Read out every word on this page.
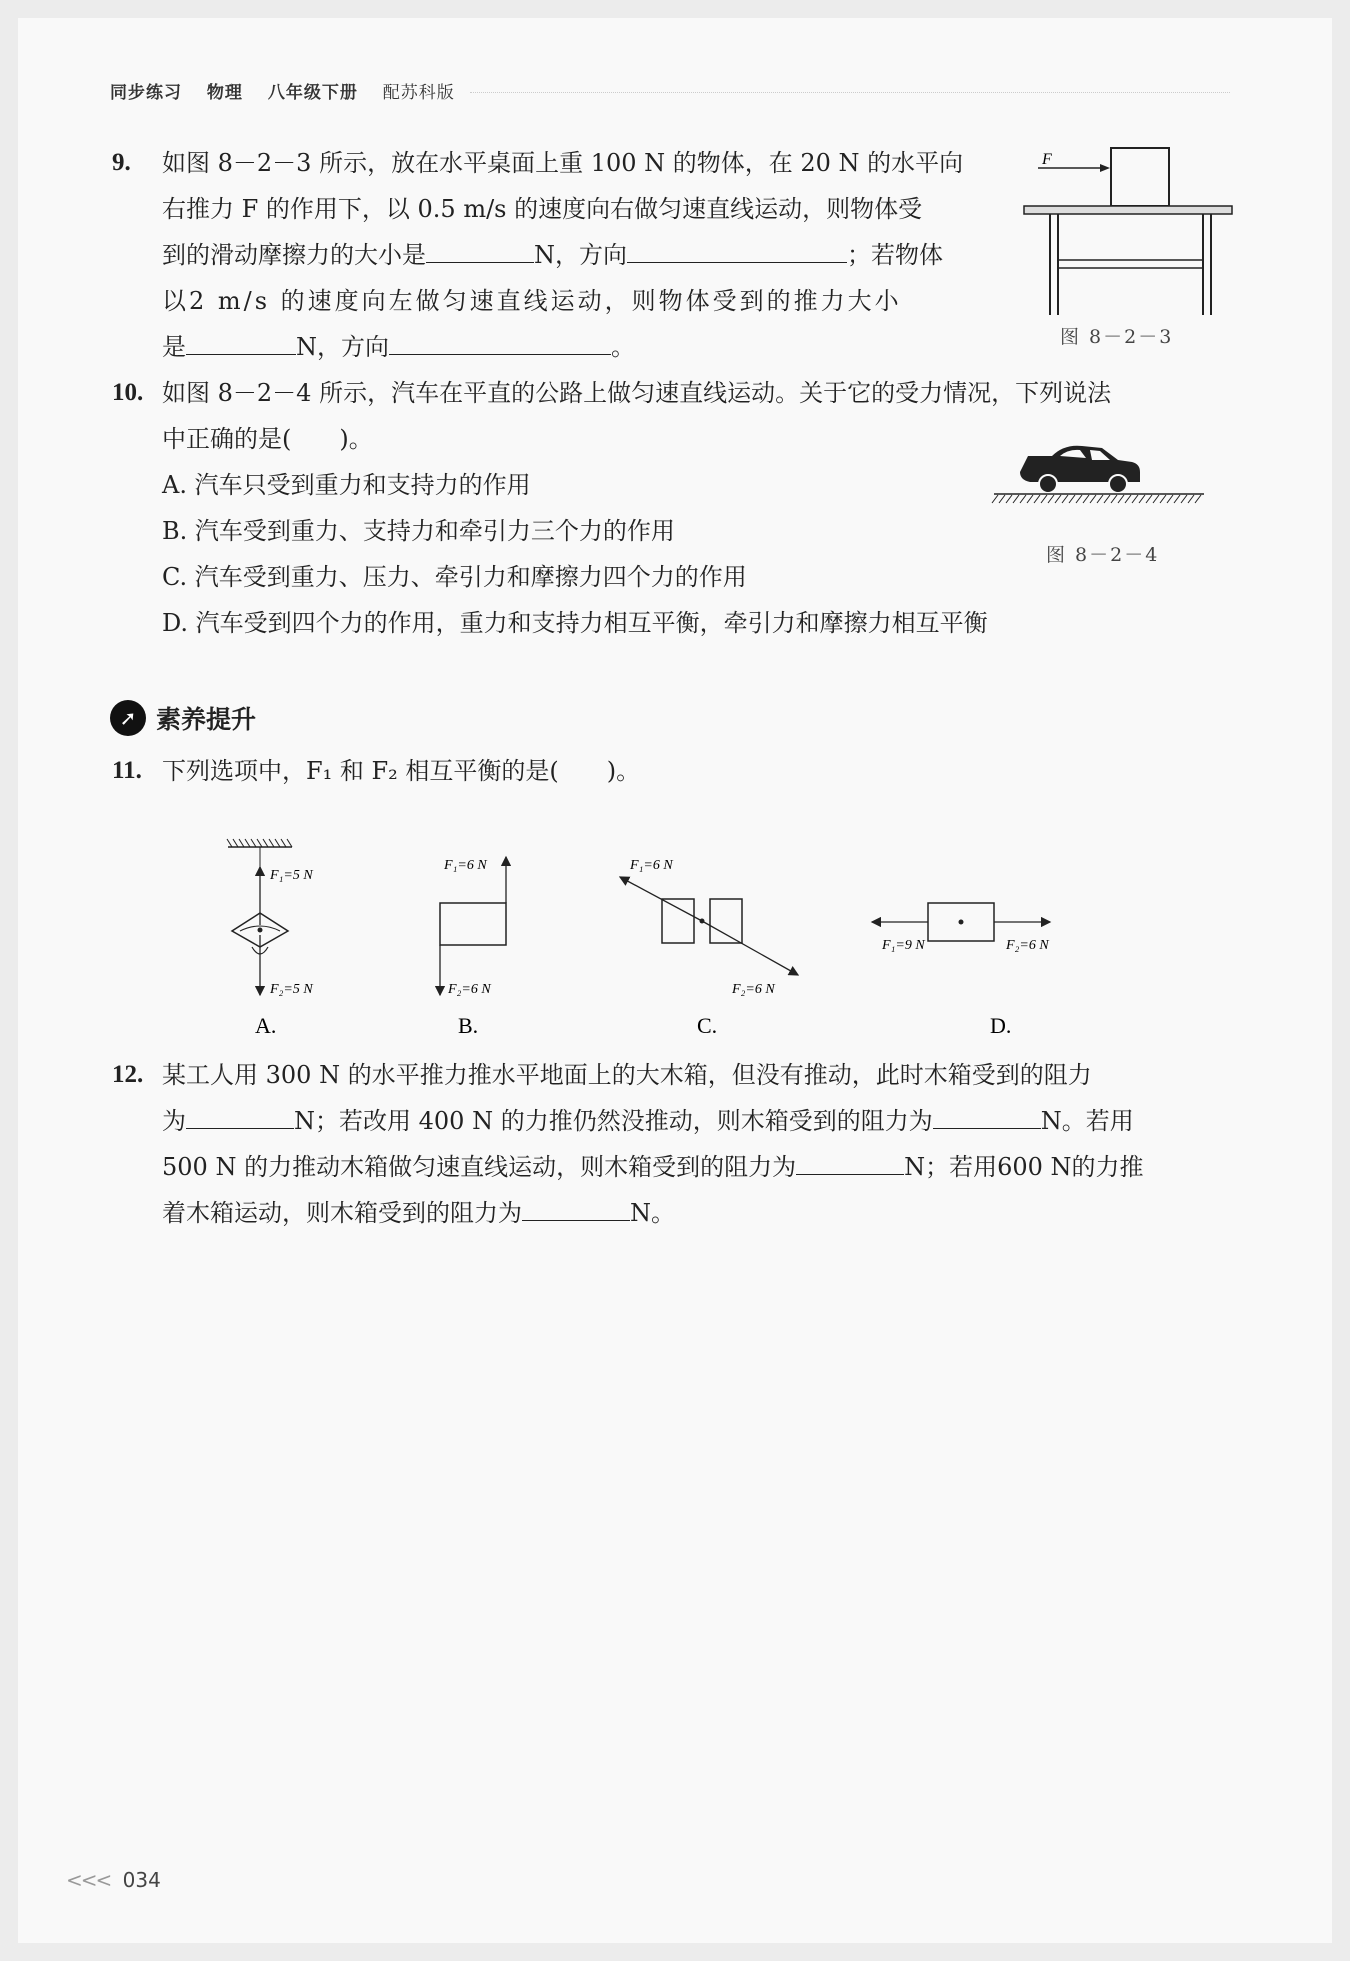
同步练习 物理 八年级下册 配苏科版
9. 如图 8－2－3 所示，放在水平桌面上重 100 N 的物体，在 20 N 的水平向
右推力 F 的作用下，以 0.5 m/s 的速度向右做匀速直线运动，则物体受
到的滑动摩擦力的大小是	N，方向	；若物体
以2 m/s 的速度向左做匀速直线运动，则物体受到的推力大小
是	N，方向	。
F
图 8－2－3
10. 如图 8－2－4 所示，汽车在平直的公路上做匀速直线运动。关于它的受力情况，下列说法
中正确的是(　　)。
A. 汽车只受到重力和支持力的作用
B. 汽车受到重力、支持力和牵引力三个力的作用
C. 汽车受到重力、压力、牵引力和摩擦力四个力的作用
D. 汽车受到四个力的作用，重力和支持力相互平衡，牵引力和摩擦力相互平衡
图 8－2－4
➚ 素养提升
11. 下列选项中，F₁ 和 F₂ 相互平衡的是(　　)。
F₁=5 N
F₂=5 N
A.
F₁=6 N
F₂=6 N
B.
F₁=6 N
F₂=6 N
C.
F₁=9 N	F₂=6 N
D.
12. 某工人用 300 N 的水平推力推水平地面上的大木箱，但没有推动，此时木箱受到的阻力
为	N；若改用 400 N 的力推仍然没推动，则木箱受到的阻力为	N。若用
500 N 的力推动木箱做匀速直线运动，则木箱受到的阻力为	N；若用600 N的力推
着木箱运动，则木箱受到的阻力为	N。
<<< 034
